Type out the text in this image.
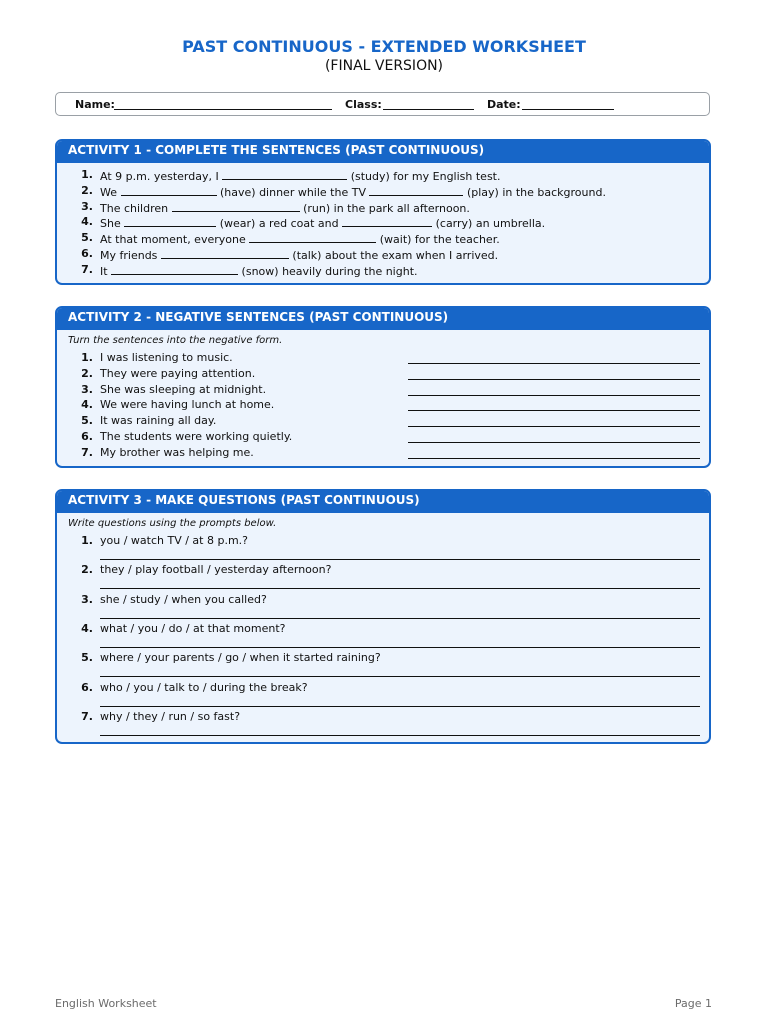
PAST CONTINUOUS - EXTENDED WORKSHEET
(FINAL VERSION)
Name:	Class:	Date:
ACTIVITY 1 - COMPLETE THE SENTENCES (PAST CONTINUOUS)
1. At 9 p.m. yesterday, I	(study) for my English test.
2. We	(have) dinner while the TV	(play) in the background.
3. The children	(run) in the park all afternoon.
4. She	(wear) a red coat and	(carry) an umbrella.
5. At that moment, everyone	(wait) for the teacher.
6. My friends	(talk) about the exam when I arrived.
7. It	(snow) heavily during the night.
ACTIVITY 2 - NEGATIVE SENTENCES (PAST CONTINUOUS)
Turn the sentences into the negative form.
1. I was listening to music.
2. They were paying attention.
3. She was sleeping at midnight.
4. We were having lunch at home.
5. It was raining all day.
6. The students were working quietly.
7. My brother was helping me.
ACTIVITY 3 - MAKE QUESTIONS (PAST CONTINUOUS)
Write questions using the prompts below.
1. you / watch TV / at 8 p.m.?
2. they / play football / yesterday afternoon?
3. she / study / when you called?
4. what / you / do / at that moment?
5. where / your parents / go / when it started raining?
6. who / you / talk to / during the break?
7. why / they / run / so fast?
English Worksheet	Page 1
